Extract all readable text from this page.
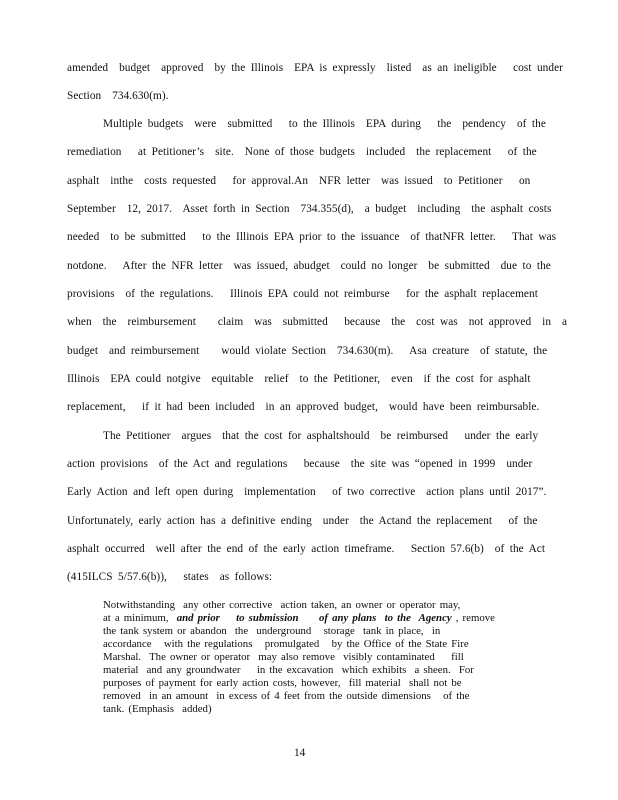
amended  budget  approved  by the Illinois  EPA is expressly  listed  as an ineligible   cost under
Section  734.630(m).
Multiple budgets  were  submitted   to the Illinois  EPA during   the  pendency  of the
remediation   at Petitioner’s  site.  None of those budgets  included  the replacement   of the
asphalt  inthe  costs requested   for approval.An  NFR letter  was issued  to Petitioner   on
September  12, 2017.  Asset forth in Section  734.355(d),  a budget  including  the asphalt costs
needed  to be submitted   to the Illinois EPA prior to the issuance  of thatNFR letter.   That was
notdone.   After the NFR letter  was issued, abudget  could no longer  be submitted  due to the
provisions  of the regulations.   Illinois EPA could not reimburse   for the asphalt replacement
when  the  reimbursement    claim  was  submitted   because  the  cost was  not approved  in  a
budget  and reimbursement    would violate Section  734.630(m).   Asa creature  of statute, the
Illinois  EPA could notgive  equitable  relief  to the Petitioner,  even  if the cost for asphalt
replacement,   if it had been included  in an approved budget,  would have been reimbursable.
The Petitioner  argues  that the cost for asphaltshould  be reimbursed   under the early
action provisions  of the Act and regulations   because  the site was “opened in 1999  under
Early Action and left open during  implementation   of two corrective  action plans until 2017”.
Unfortunately, early action has a definitive ending  under  the Actand the replacement   of the
asphalt occurred  well after the end of the early action timeframe.   Section 57.6(b)  of the Act
(415ILCS 5/57.6(b)),   states  as follows:
Notwithstanding  any other corrective  action taken, an owner or operator may,
at a minimum, and prior    to submission     of any plans  to the  Agency , remove
the tank system or abandon  the  underground   storage  tank in place,  in
accordance   with the regulations   promulgated   by the Office of the State Fire
Marshal.  The owner or operator  may also remove  visibly contaminated    fill
material  and any groundwater    in the excavation  which exhibits  a sheen.  For
purposes of payment for early action costs, however,  fill material  shall not be
removed  in an amount  in excess of 4 feet from the outside dimensions   of the
tank. (Emphasis  added)
14
